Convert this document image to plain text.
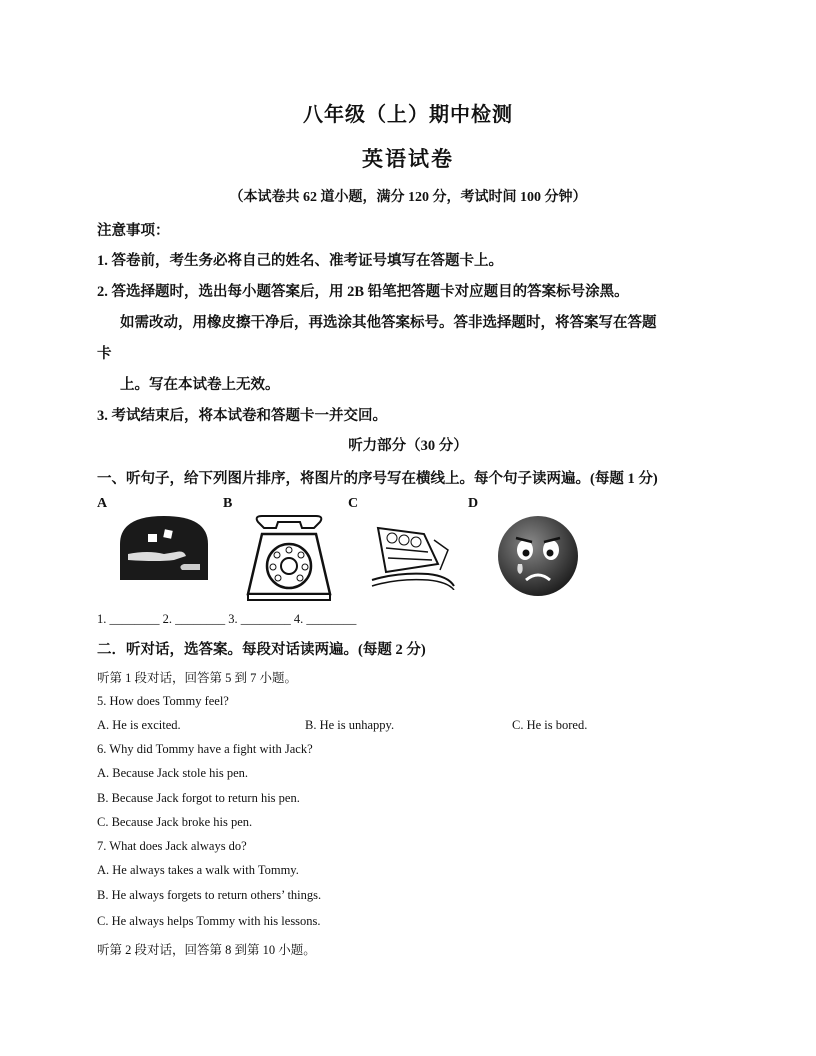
八年级（上）期中检测
英语试卷
（本试卷共 62 道小题，满分 120 分，考试时间 100 分钟）
注意事项：
1. 答卷前，考生务必将自己的姓名、准考证号填写在答题卡上。
2. 答选择题时，选出每小题答案后，用 2B 铅笔把答题卡对应题目的答案标号涂黑。
如需改动，用橡皮擦干净后，再选涂其他答案标号。答非选择题时，将答案写在答题
卡
上。写在本试卷上无效。
3. 考试结束后，将本试卷和答题卡一并交回。
听力部分（30 分）
一、听句子，给下列图片排序，将图片的序号写在横线上。每个句子读两遍。(每题 1 分)
A	B	C	D
1. ________ 2. ________ 3. ________ 4. ________
二．听对话，选答案。每段对话读两遍。(每题 2 分)
听第 1 段对话，回答第 5 到 7 小题。
5. How does Tommy feel?
A. He is excited.	B. He is unhappy.	C. He is bored.
6. Why did Tommy have a fight with Jack?
A. Because Jack stole his pen.
B. Because Jack forgot to return his pen.
C. Because Jack broke his pen.
7. What does Jack always do?
A. He always takes a walk with Tommy.
B. He always forgets to return others’ things.
C. He always helps Tommy with his lessons.
听第 2 段对话，回答第 8 到第 10 小题。
